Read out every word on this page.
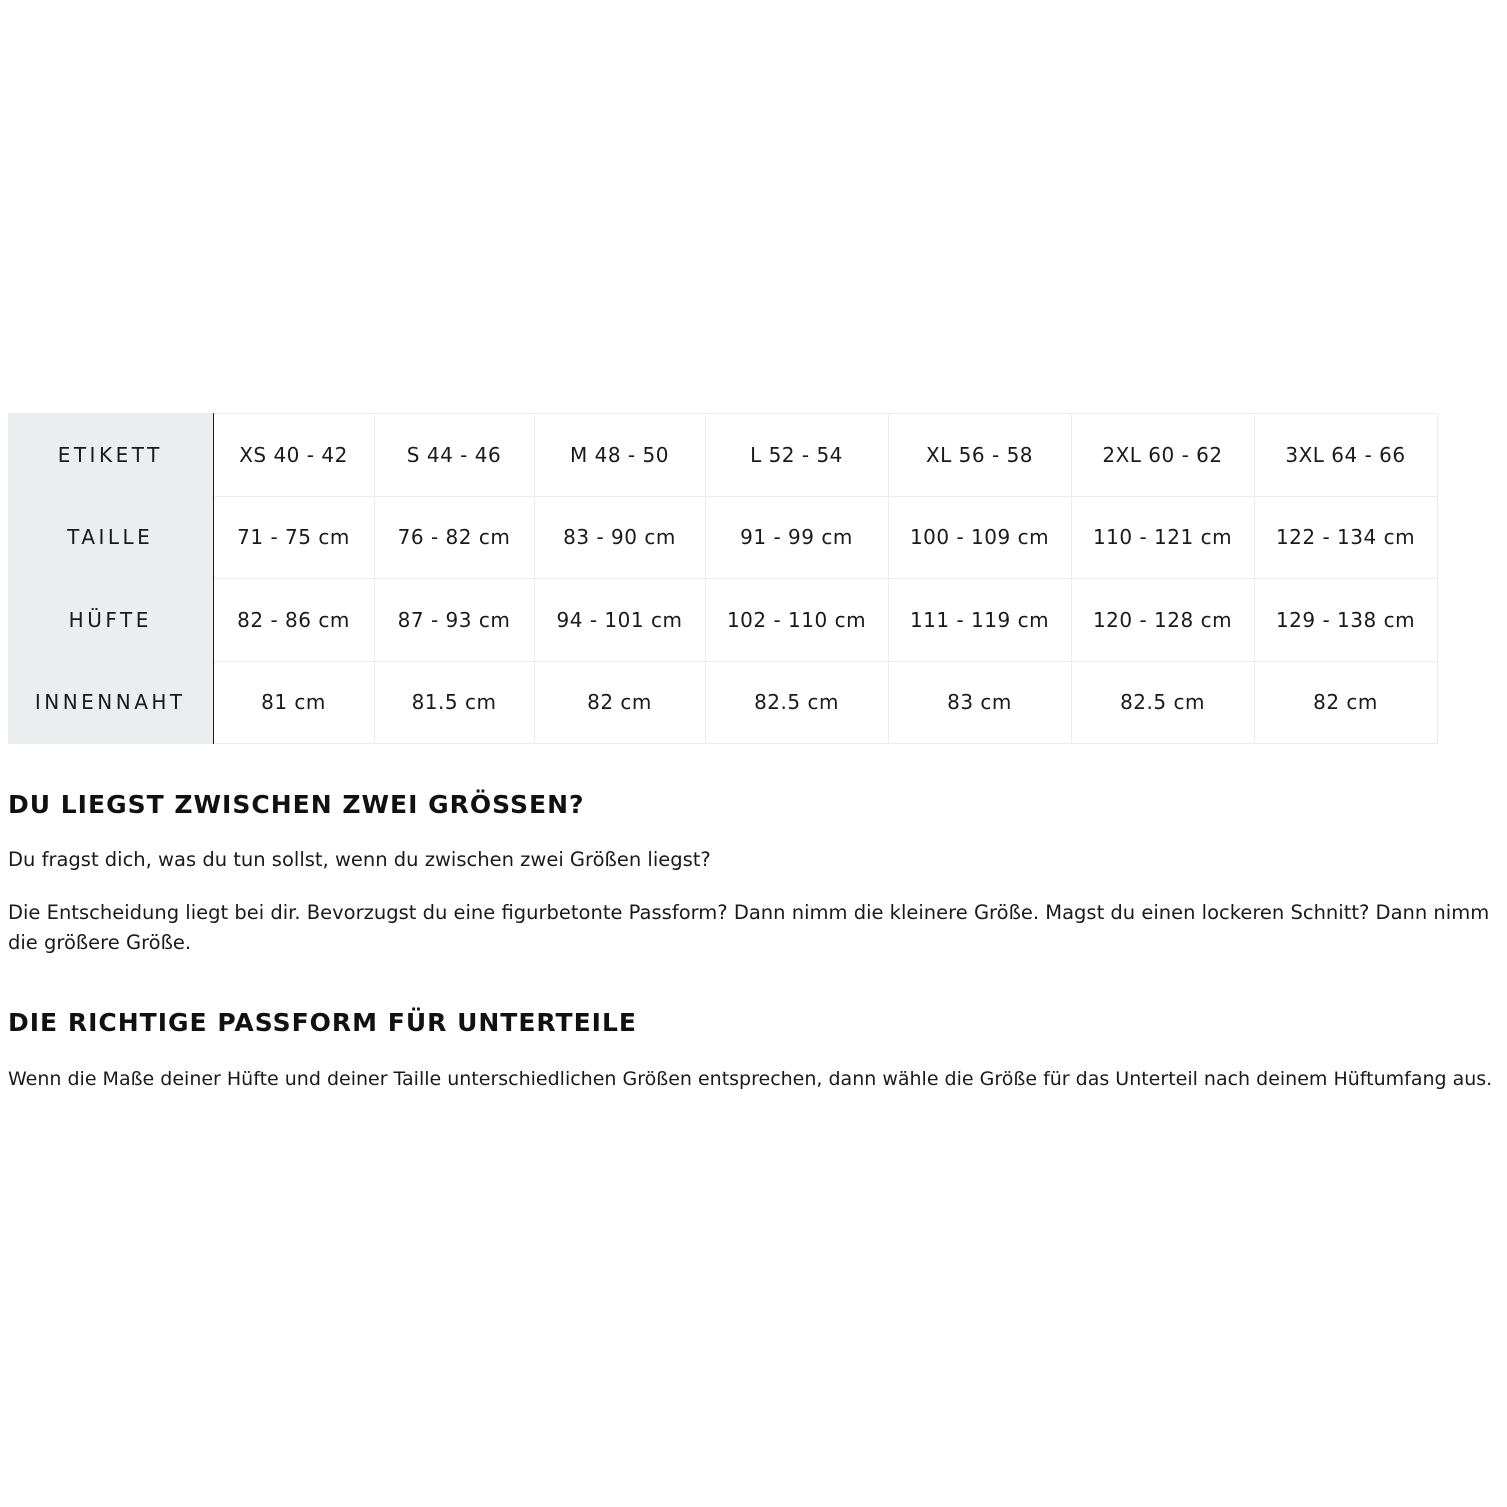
ETIKETT	XS 40 - 42	S 44 - 46	M 48 - 50	L 52 - 54	XL 56 - 58	2XL 60 - 62	3XL 64 - 66
TAILLE	71 - 75 cm	76 - 82 cm	83 - 90 cm	91 - 99 cm	100 - 109 cm	110 - 121 cm	122 - 134 cm
HÜFTE	82 - 86 cm	87 - 93 cm	94 - 101 cm	102 - 110 cm	111 - 119 cm	120 - 128 cm	129 - 138 cm
INNENNAHT	81 cm	81.5 cm	82 cm	82.5 cm	83 cm	82.5 cm	82 cm
DU LIEGST ZWISCHEN ZWEI GRÖSSEN?

Du fragst dich, was du tun sollst, wenn du zwischen zwei Größen liegst?

Die Entscheidung liegt bei dir. Bevorzugst du eine figurbetonte Passform? Dann nimm die kleinere Größe. Magst du einen lockeren Schnitt? Dann nimm die größere Größe.

DIE RICHTIGE PASSFORM FÜR UNTERTEILE

Wenn die Maße deiner Hüfte und deiner Taille unterschiedlichen Größen entsprechen, dann wähle die Größe für das Unterteil nach deinem Hüftumfang aus.
